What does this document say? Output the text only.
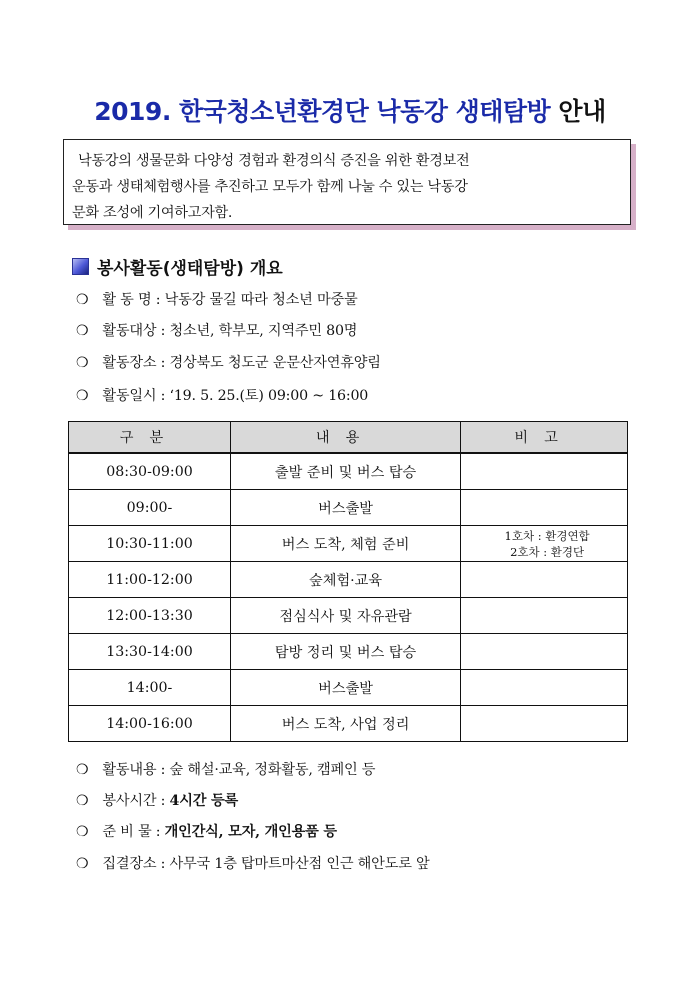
2019. 한국청소년환경단 낙동강 생태탐방 안내
낙동강의 생물문화 다양성 경험과 환경의식 증진을 위한 환경보전
운동과 생태체험행사를 추진하고 모두가 함께 나눌 수 있는 낙동강
문화 조성에 기여하고자함.
봉사활동(생태탐방) 개요
❍ 활 동 명 : 낙동강 물길 따라 청소년 마중물
❍ 활동대상 : 청소년, 학부모, 지역주민 80명
❍ 활동장소 : 경상북도 청도군 운문산자연휴양림
❍ 활동일시 : ‘19. 5. 25.(토) 09:00 ~ 16:00
구분	내용	비고
08:30-09:00	출발 준비 및 버스 탑승	
09:00-	버스출발	
10:30-11:00	버스 도착, 체험 준비	1호차 : 환경연합
2호차 : 환경단

11:00-12:00	숲체험·교육	
12:00-13:30	점심식사 및 자유관람	
13:30-14:00	탐방 정리 및 버스 탑승	
14:00-	버스출발	
14:00-16:00	버스 도착, 사업 정리	
❍ 활동내용 : 숲 해설·교육, 정화활동, 캠페인 등
❍ 봉사시간 : 4시간 등록
❍ 준 비 물 : 개인간식, 모자, 개인용품 등
❍ 집결장소 : 사무국 1층 탑마트마산점 인근 해안도로 앞
